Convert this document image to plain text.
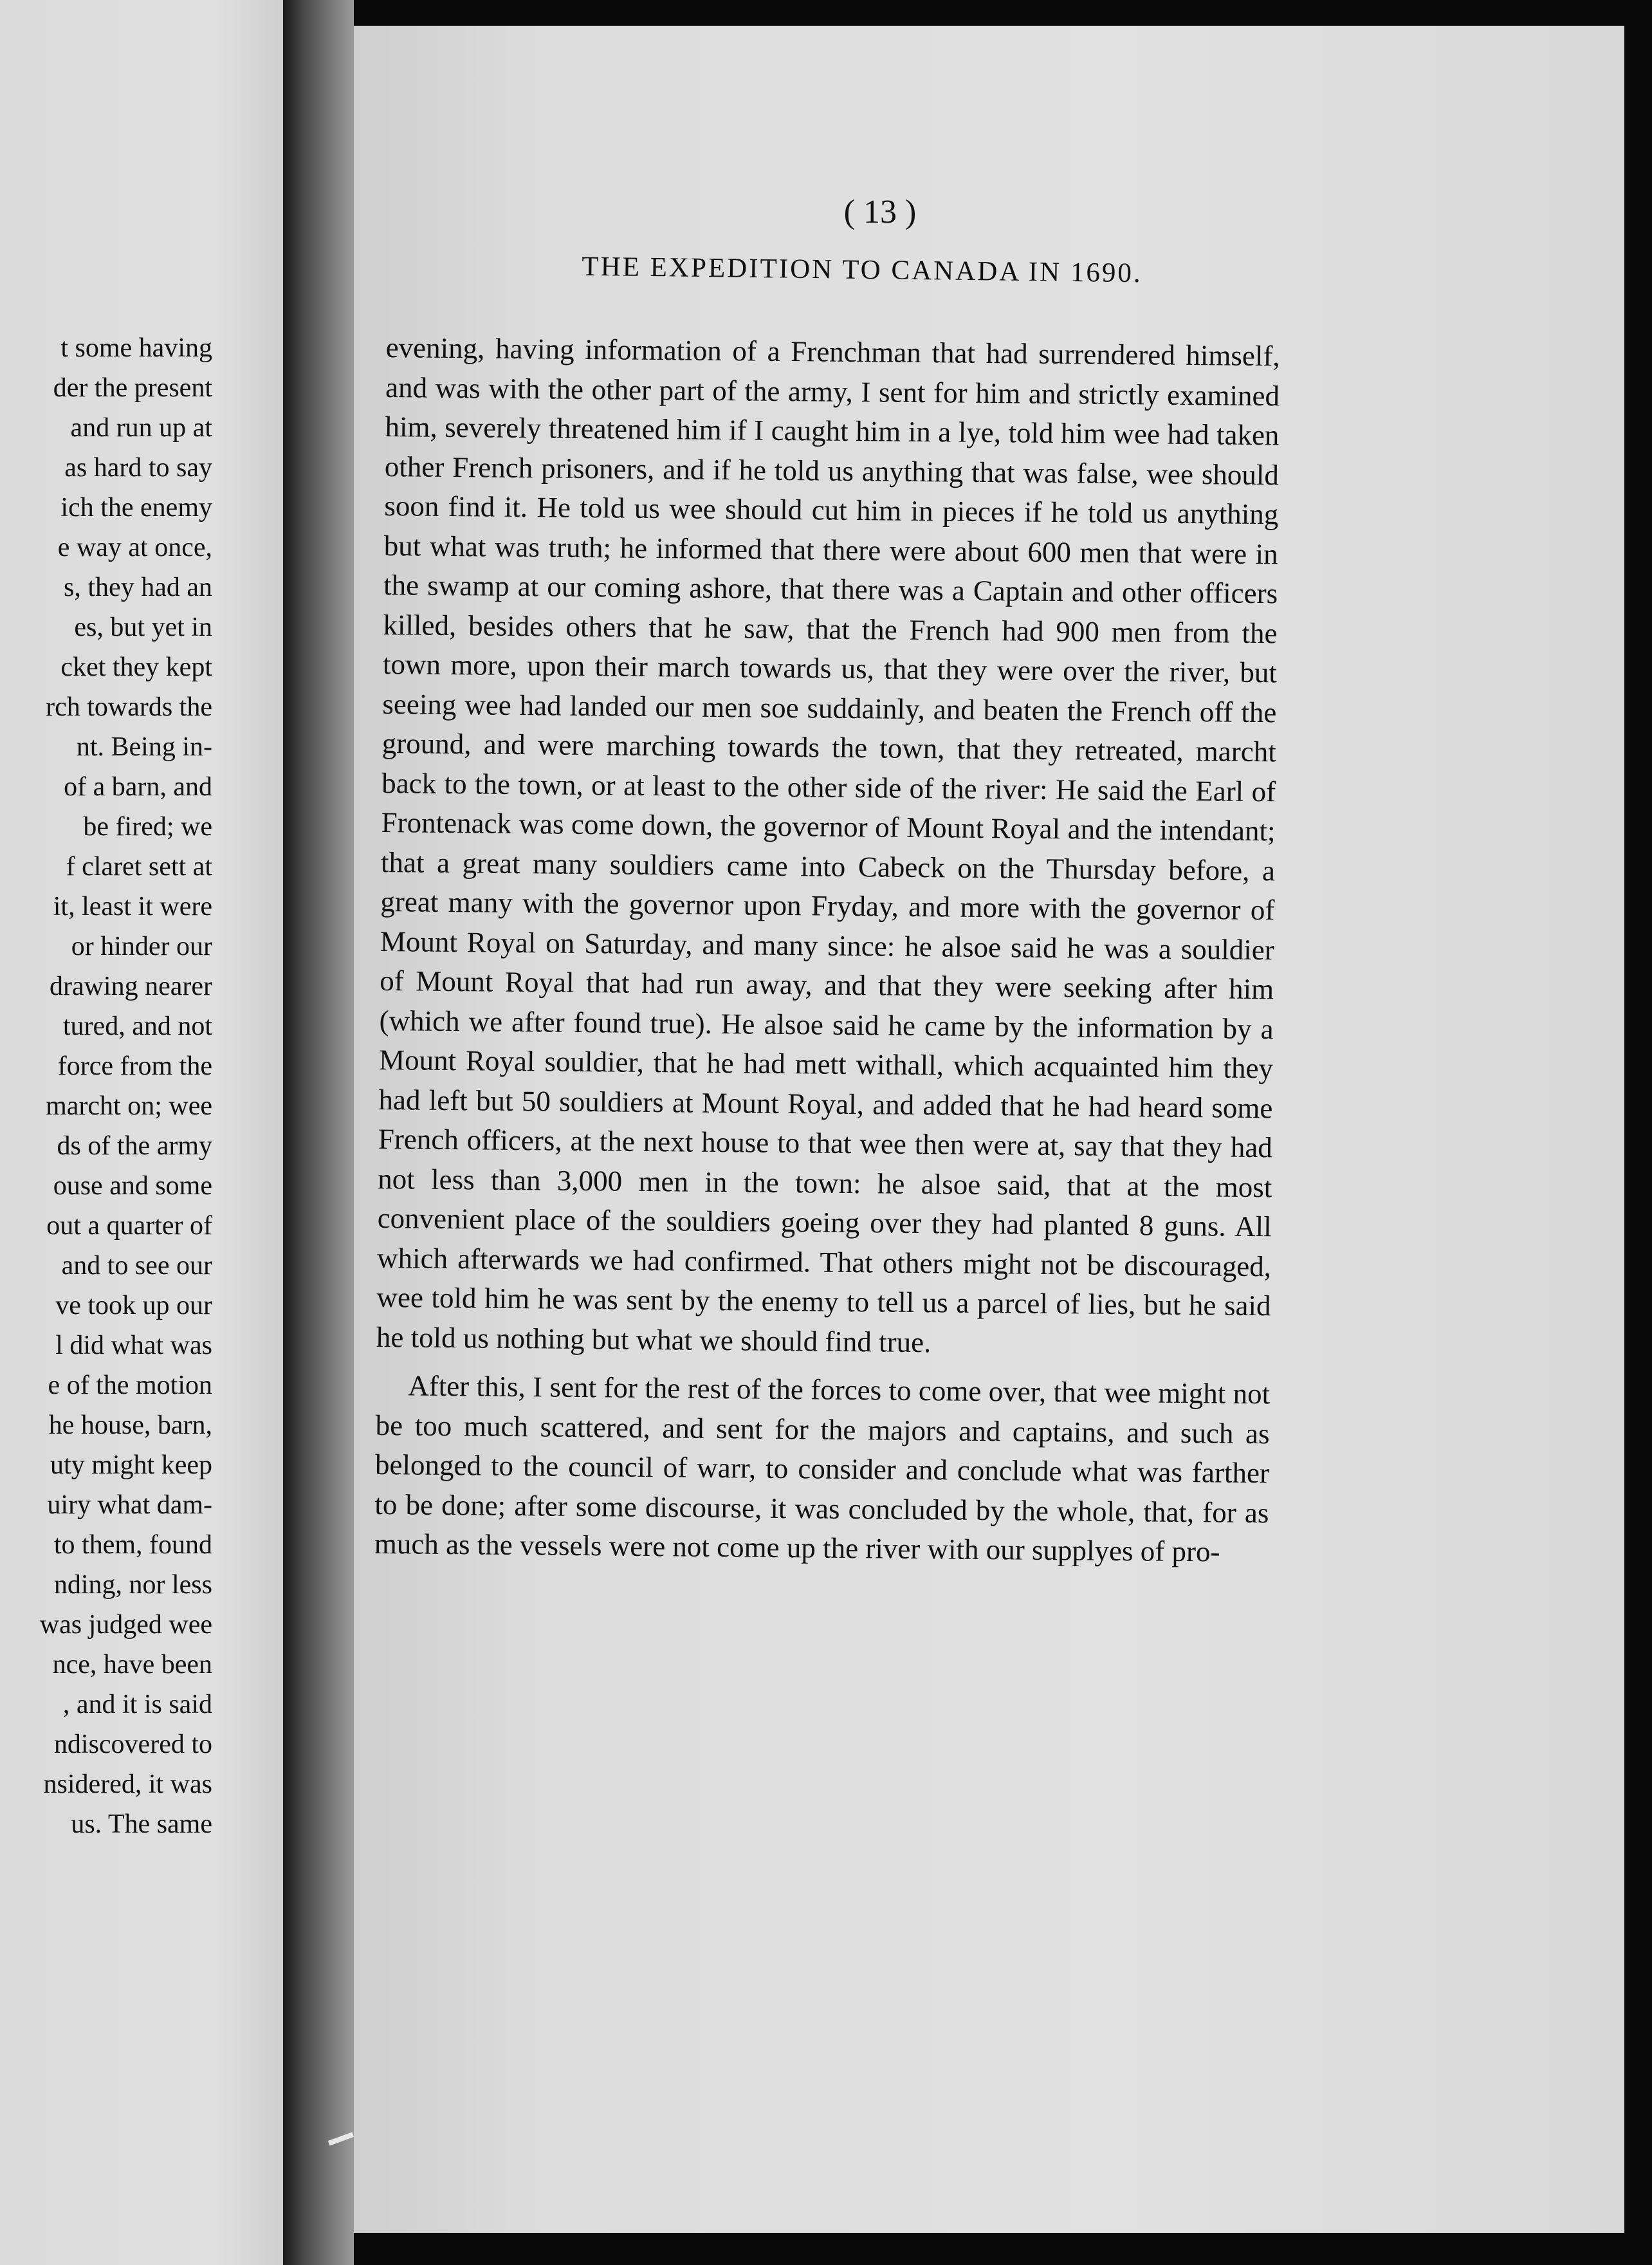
t some having
der the present
and run up at
as hard to say
ich the enemy
e way at once,
s, they had an
es, but yet in
cket they kept
rch towards the
nt. Being in-
of a barn, and
be fired; we
f claret sett at
it, least it were
or hinder our
drawing nearer
tured, and not
force from the
marcht on; wee
ds of the army
ouse and some
out a quarter of
and to see our
ve took up our
l did what was
e of the motion
he house, barn,
uty might keep
uiry what dam-
to them, found
nding, nor less
was judged wee
nce, have been
, and it is said
ndiscovered to
nsidered, it was
us. The same
( 13 )
THE EXPEDITION TO CANADA IN 1690.

evening, having information of a Frenchman that had surrendered himself, and was with the other part of the army, I sent for him and strictly examined him, severely threatened him if I caught him in a lye, told him wee had taken other French prisoners, and if he told us anything that was false, wee should soon find it. He told us wee should cut him in pieces if he told us anything but what was truth; he informed that there were about 600 men that were in the swamp at our coming ashore, that there was a Captain and other officers killed, besides others that he saw, that the French had 900 men from the town more, upon their march towards us, that they were over the river, but seeing wee had landed our men soe suddainly, and beaten the French off the ground, and were marching towards the town, that they retreated, marcht back to the town, or at least to the other side of the river: He said the Earl of Frontenack was come down, the governor of Mount Royal and the intendant; that a great many souldiers came into Cabeck on the Thursday before, a great many with the governor upon Fryday, and more with the governor of Mount Royal on Saturday, and many since: he alsoe said he was a souldier of Mount Royal that had run away, and that they were seeking after him (which we after found true). He alsoe said he came by the information by a Mount Royal souldier, that he had mett withall, which acquainted him they had left but 50 souldiers at Mount Royal, and added that he had heard some French officers, at the next house to that wee then were at, say that they had not less than 3,000 men in the town: he alsoe said, that at the most convenient place of the souldiers goeing over they had planted 8 guns. All which afterwards we had confirmed. That others might not be discouraged, wee told him he was sent by the enemy to tell us a parcel of lies, but he said he told us nothing but what we should find true.

After this, I sent for the rest of the forces to come over, that wee might not be too much scattered, and sent for the majors and captains, and such as belonged to the council of warr, to consider and conclude what was farther to be done; after some discourse, it was concluded by the whole, that, for as much as the vessels were not come up the river with our supplyes of pro-
